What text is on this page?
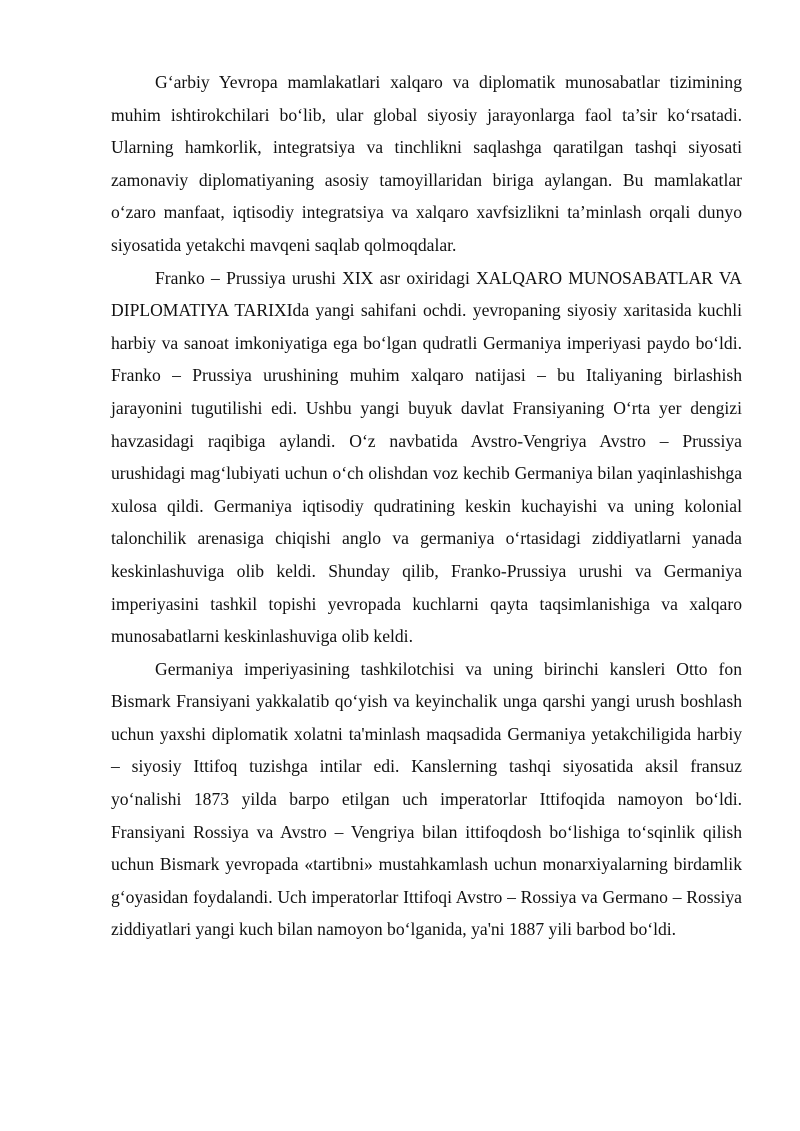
G‘arbiy Yevropa mamlakatlari xalqaro va diplomatik munosabatlar tizimining muhim ishtirokchilari bo‘lib, ular global siyosiy jarayonlarga faol ta’sir ko‘rsatadi. Ularning hamkorlik, integratsiya va tinchlikni saqlashga qaratilgan tashqi siyosati zamonaviy diplomatiyaning asosiy tamoyillaridan biriga aylangan. Bu mamlakatlar o‘zaro manfaat, iqtisodiy integratsiya va xalqaro xavfsizlikni ta’minlash orqali dunyo siyosatida yetakchi mavqeni saqlab qolmoqdalar.

Franko – Prussiya urushi XIX asr oxiridagi XALQARO MUNOSABATLAR VA DIPLOMATIYA TARIXIda yangi sahifani ochdi. yevropaning siyosiy xaritasida kuchli harbiy va sanoat imkoniyatiga ega bo‘lgan qudratli Germaniya imperiyasi paydo bo‘ldi. Franko – Prussiya urushining muhim xalqaro natijasi – bu Italiyaning birlashish jarayonini tugutilishi edi. Ushbu yangi buyuk davlat Fransiyaning O‘rta yer dengizi havzasidagi raqibiga aylandi. O‘z navbatida Avstro-Vengriya Avstro – Prussiya urushidagi mag‘lubiyati uchun o‘ch olishdan voz kechib Germaniya bilan yaqinlashishga xulosa qildi. Germaniya iqtisodiy qudratining keskin kuchayishi va uning kolonial talonchilik arenasiga chiqishi anglo va germaniya o‘rtasidagi ziddiyatlarni yanada keskinlashuviga olib keldi. Shunday qilib, Franko-Prussiya urushi va Germaniya imperiyasini tashkil topishi yevropada kuchlarni qayta taqsimlanishiga va xalqaro munosabatlarni keskinlashuviga olib keldi.

Germaniya imperiyasining tashkilotchisi va uning birinchi kansleri Otto fon Bismark Fransiyani yakkalatib qo‘yish va keyinchalik unga qarshi yangi urush boshlash uchun yaxshi diplomatik xolatni ta'minlash maqsadida Germaniya yetakchiligida harbiy – siyosiy Ittifoq tuzishga intilar edi. Kanslerning tashqi siyosatida aksil fransuz yo‘nalishi 1873 yilda barpo etilgan uch imperatorlar Ittifoqida namoyon bo‘ldi. Fransiyani Rossiya va Avstro – Vengriya bilan ittifoqdosh bo‘lishiga to‘sqinlik qilish uchun Bismark yevropada «tartibni» mustahkamlash uchun monarxiyalarning birdamlik g‘oyasidan foydalandi. Uch imperatorlar Ittifoqi Avstro – Rossiya va Germano – Rossiya ziddiyatlari yangi kuch bilan namoyon bo‘lganida, ya'ni 1887 yili barbod bo‘ldi.
